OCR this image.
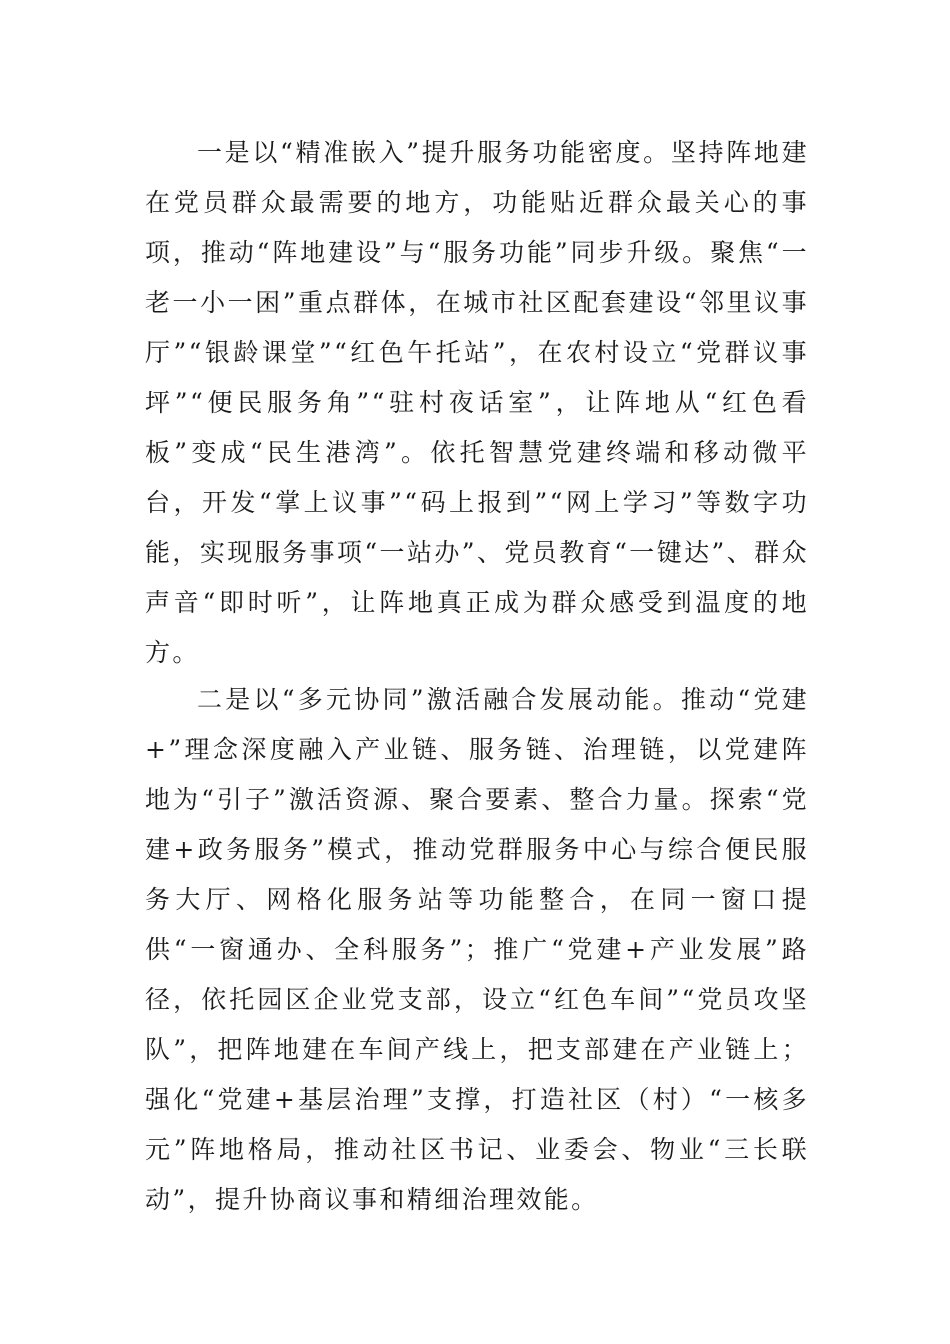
一是以“精准嵌入”提升服务功能密度。坚持阵地建在党员群众最需要的地方，功能贴近群众最关心的事项，推动“阵地建设”与“服务功能”同步升级。聚焦“一老一小一困”重点群体，在城市社区配套建设“邻里议事厅”“银龄课堂”“红色午托站”，在农村设立“党群议事坪”“便民服务角”“驻村夜话室”，让阵地从“红色看板”变成“民生港湾”。依托智慧党建终端和移动微平台，开发“掌上议事”“码上报到”“网上学习”等数字功能，实现服务事项“一站办”、党员教育“一键达”、群众声音“即时听”，让阵地真正成为群众感受到温度的地方。

二是以“多元协同”激活融合发展动能。推动“党建+”理念深度融入产业链、服务链、治理链，以党建阵地为“引子”激活资源、聚合要素、整合力量。探索“党建+政务服务”模式，推动党群服务中心与综合便民服务大厅、网格化服务站等功能整合，在同一窗口提供“一窗通办、全科服务”；推广“党建+产业发展”路径，依托园区企业党支部，设立“红色车间”“党员攻坚队”，把阵地建在车间产线上，把支部建在产业链上；强化“党建+基层治理”支撑，打造社区（村）“一核多元”阵地格局，推动社区书记、业委会、物业“三长联动”，提升协商议事和精细治理效能。
